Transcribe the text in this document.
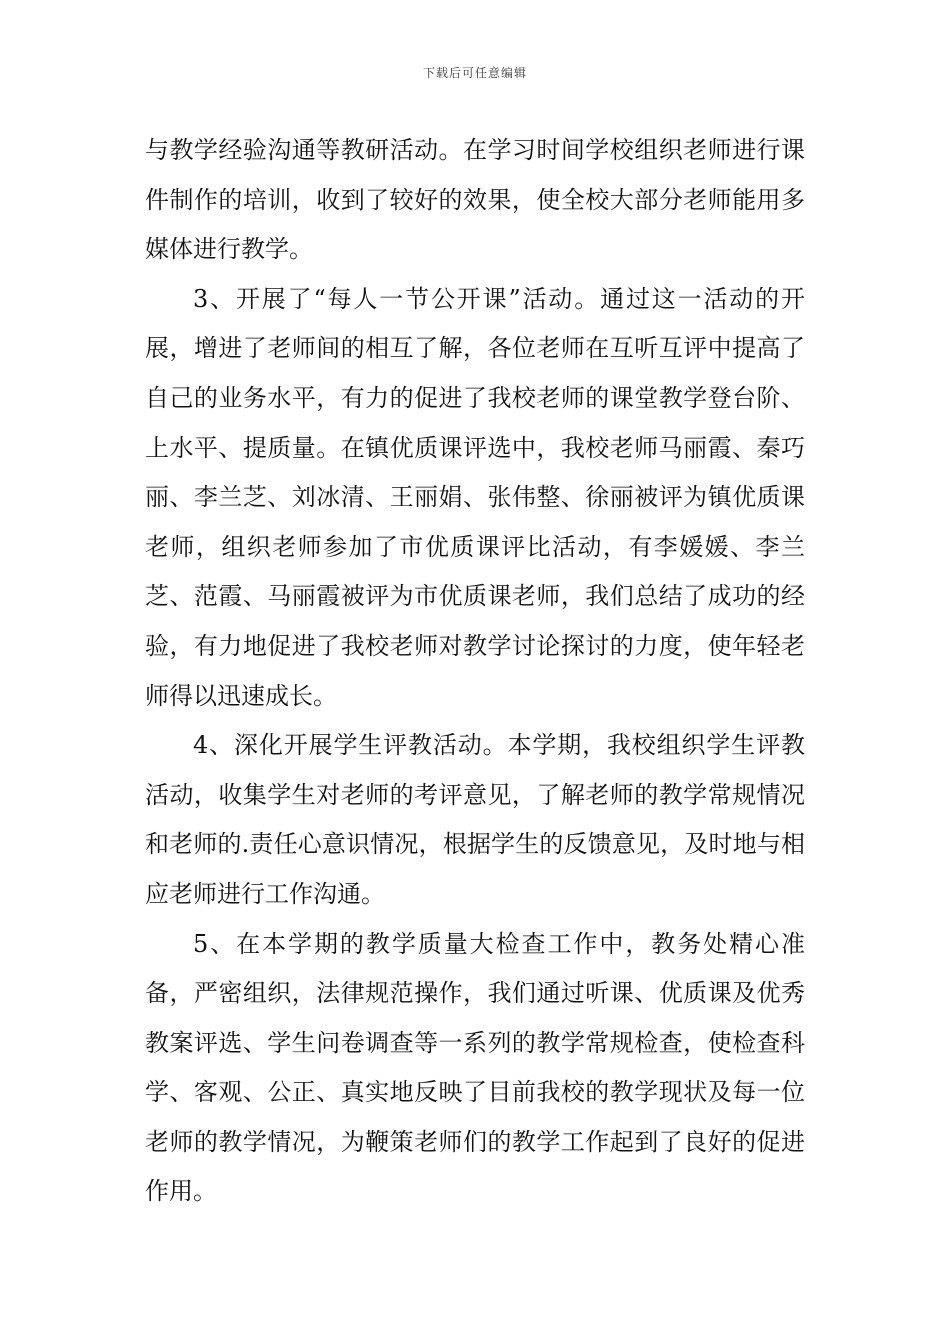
下载后可任意编辑

与教学经验沟通等教研活动。在学习时间学校组织老师进行课件制作的培训，收到了较好的效果，使全校大部分老师能用多媒体进行教学。

3、开展了“每人一节公开课”活动。通过这一活动的开展，增进了老师间的相互了解，各位老师在互听互评中提高了自己的业务水平，有力的促进了我校老师的课堂教学登台阶、上水平、提质量。在镇优质课评选中，我校老师马丽霞、秦巧丽、李兰芝、刘冰清、王丽娟、张伟整、徐丽被评为镇优质课老师，组织老师参加了市优质课评比活动，有李媛媛、李兰芝、范霞、马丽霞被评为市优质课老师，我们总结了成功的经验，有力地促进了我校老师对教学讨论探讨的力度，使年轻老师得以迅速成长。

4、深化开展学生评教活动。本学期，我校组织学生评教活动，收集学生对老师的考评意见，了解老师的教学常规情况和老师的.责任心意识情况，根据学生的反馈意见，及时地与相应老师进行工作沟通。

5、在本学期的教学质量大检查工作中，教务处精心准备，严密组织，法律规范操作，我们通过听课、优质课及优秀教案评选、学生问卷调查等一系列的教学常规检查，使检查科学、客观、公正、真实地反映了目前我校的教学现状及每一位老师的教学情况，为鞭策老师们的教学工作起到了良好的促进作用。
